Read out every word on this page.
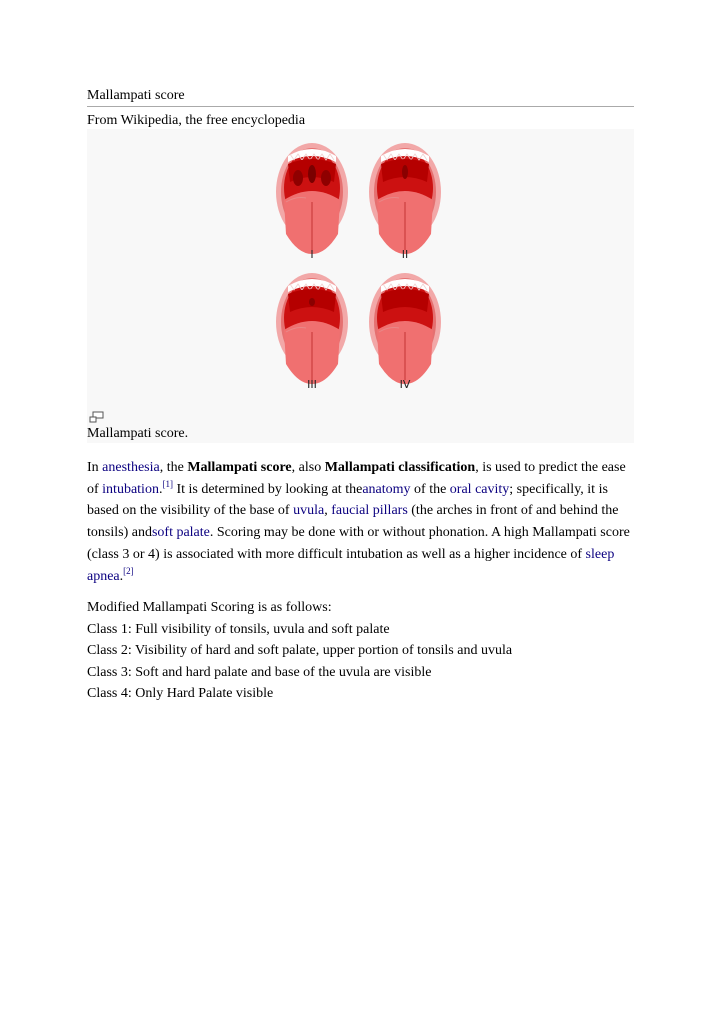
Mallampati score
From Wikipedia, the free encyclopedia
I	II
III	IV
Mallampati score.
In anesthesia, the Mallampati score, also Mallampati classification, is used to predict the ease of intubation.[1] It is determined by looking at theanatomy of the oral cavity; specifically, it is based on the visibility of the base of uvula, faucial pillars (the arches in front of and behind the tonsils) andsoft palate. Scoring may be done with or without phonation. A high Mallampati score (class 3 or 4) is associated with more difficult intubation as well as a higher incidence of sleep apnea.[2]
Modified Mallampati Scoring is as follows:
Class 1: Full visibility of tonsils, uvula and soft palate
Class 2: Visibility of hard and soft palate, upper portion of tonsils and uvula
Class 3: Soft and hard palate and base of the uvula are visible
Class 4: Only Hard Palate visible
